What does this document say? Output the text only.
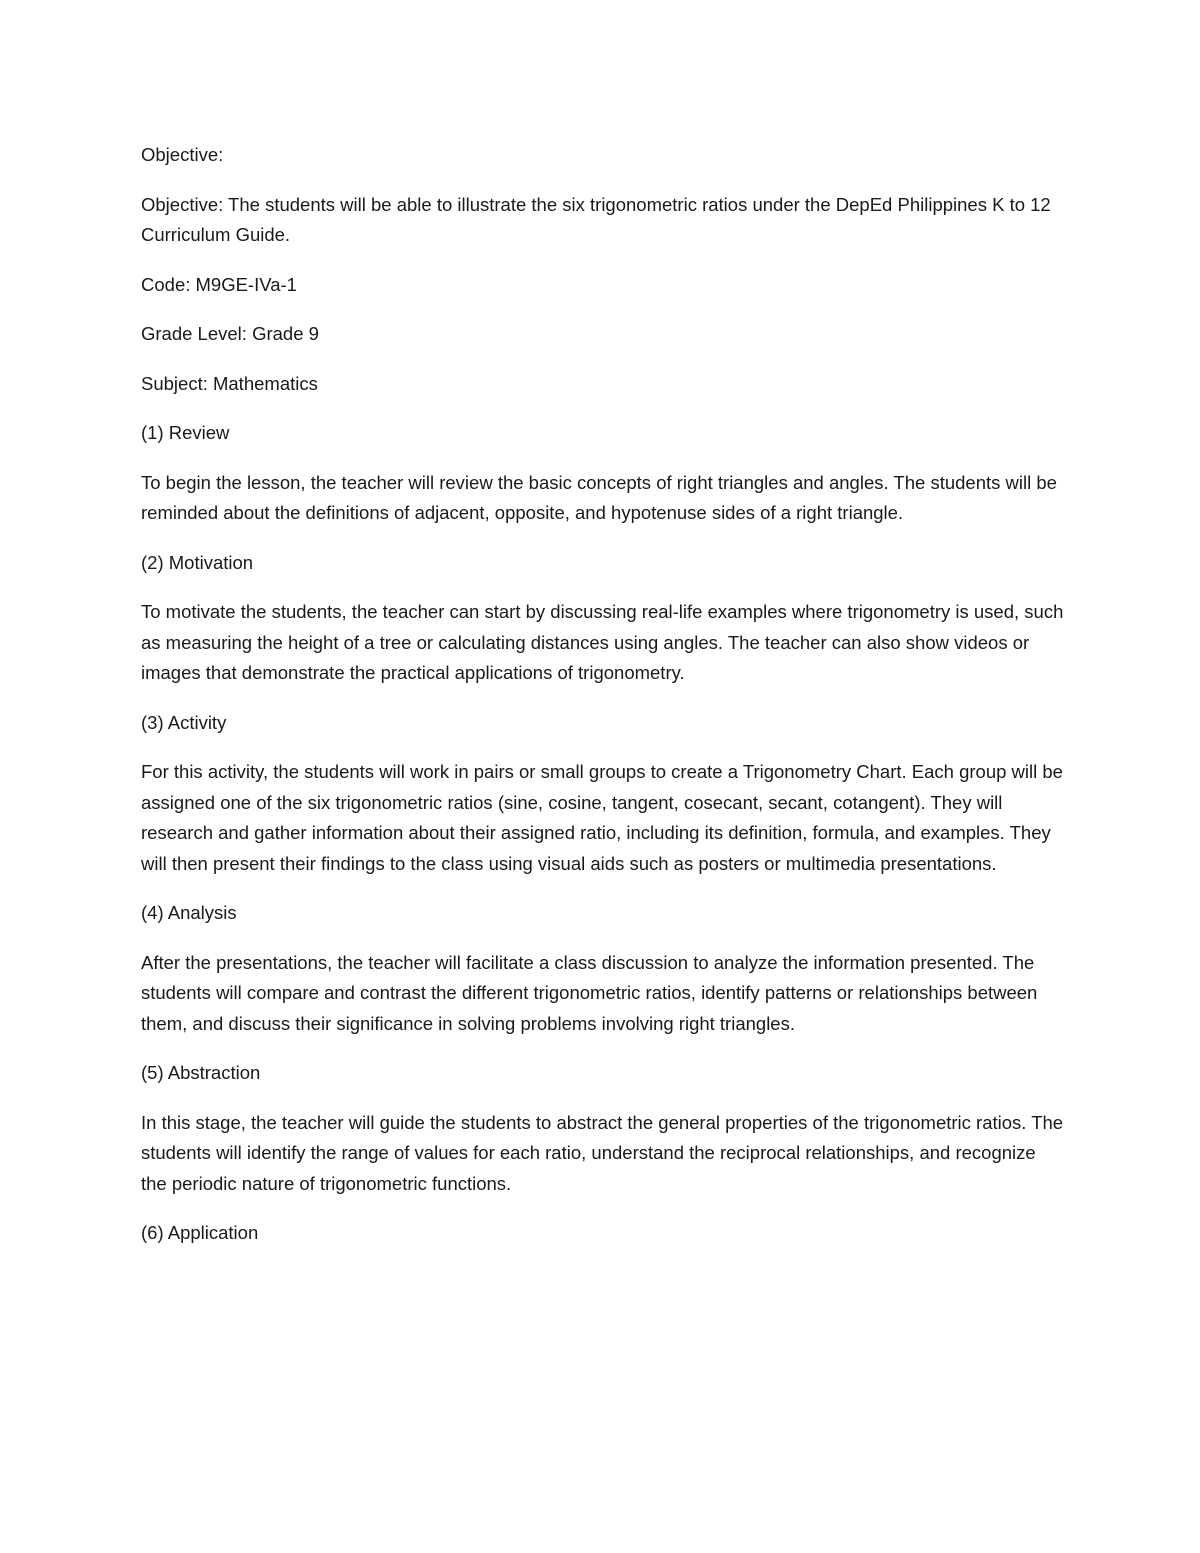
Objective:

Objective: The students will be able to illustrate the six trigonometric ratios under the DepEd Philippines K to 12 Curriculum Guide.

Code: M9GE-IVa-1

Grade Level: Grade 9

Subject: Mathematics

(1) Review

To begin the lesson, the teacher will review the basic concepts of right triangles and angles. The students will be reminded about the definitions of adjacent, opposite, and hypotenuse sides of a right triangle.

(2) Motivation

To motivate the students, the teacher can start by discussing real-life examples where trigonometry is used, such as measuring the height of a tree or calculating distances using angles. The teacher can also show videos or images that demonstrate the practical applications of trigonometry.

(3) Activity

For this activity, the students will work in pairs or small groups to create a Trigonometry Chart. Each group will be assigned one of the six trigonometric ratios (sine, cosine, tangent, cosecant, secant, cotangent). They will research and gather information about their assigned ratio, including its definition, formula, and examples. They will then present their findings to the class using visual aids such as posters or multimedia presentations.

(4) Analysis

After the presentations, the teacher will facilitate a class discussion to analyze the information presented. The students will compare and contrast the different trigonometric ratios, identify patterns or relationships between them, and discuss their significance in solving problems involving right triangles.

(5) Abstraction

In this stage, the teacher will guide the students to abstract the general properties of the trigonometric ratios. The students will identify the range of values for each ratio, understand the reciprocal relationships, and recognize the periodic nature of trigonometric functions.

(6) Application
